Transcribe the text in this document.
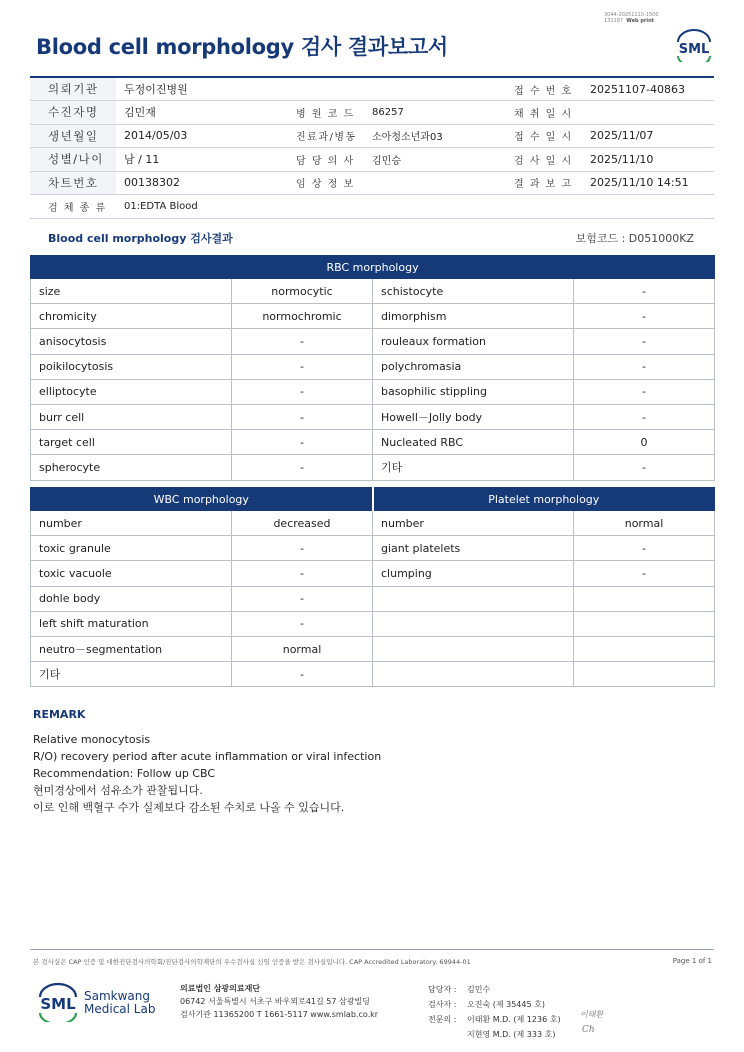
3044-20251110-1500
131187 Web print
Blood cell morphology 검사 결과보고서	SML
의뢰기관	두정이진병원			접 수 번 호	20251107-40863
수진자명	김민재	병 원 코 드	86257	채 취 일 시	
생년월일	2014/05/03	진료과/병동	소아청소년과03	접 수 일 시	2025/11/07
성별/나이	남 / 11	담 당 의 사	김민승	검 사 일 시	2025/11/10
차트번호	00138302	임 상 정 보		결 과 보 고	2025/11/10 14:51
검 체 종 류	01:EDTA Blood				
Blood cell morphology 검사결과	보험코드 : D051000KZ
RBC morphology			
size	normocytic	schistocyte	-
chromicity	normochromic	dimorphism	-
anisocytosis	-	rouleaux formation	-
poikilocytosis	-	polychromasia	-
elliptocyte	-	basophilic stippling	-
burr cell	-	Howell－Jolly body	-
target cell	-	Nucleated RBC	0
spherocyte	-	기타	-
WBC morphology		Platelet morphology	
number	decreased	number	normal
toxic granule	-	giant platelets	-
toxic vacuole	-	clumping	-
dohle body	-		
left shift maturation	-		
neutro－segmentation	normal		
기타	-		
REMARK
Relative monocytosis
R/O) recovery period after acute inflammation or viral infection
Recommendation: Follow up CBC
현미경상에서 섬유소가 관찰됩니다.
이로 인해 백혈구 수가 실제보다 감소된 수치로 나올 수 있습니다.
본 검사실은 CAP 인증 및 대한진단검사의학회/진단검사의학재단의 우수검사실 신임 인증을 받은 검사실입니다. CAP Accredited Laboratory. 69944-01	Page 1 of 1
SML Samkwang
Medical Lab
의료법인 삼광의료재단
06742 서울특별시 서초구 바우뫼로41길 57 삼광빌딩
검사기관 11365200 T 1661-5117 www.smlab.co.kr
담당자 : 김민수
검사자 : 오진숙 (제 35445 호)
전문의 : 이태환 M.D. (제 1236 호)
지현영 M.D. (제 333 호)
이태환
Ch
